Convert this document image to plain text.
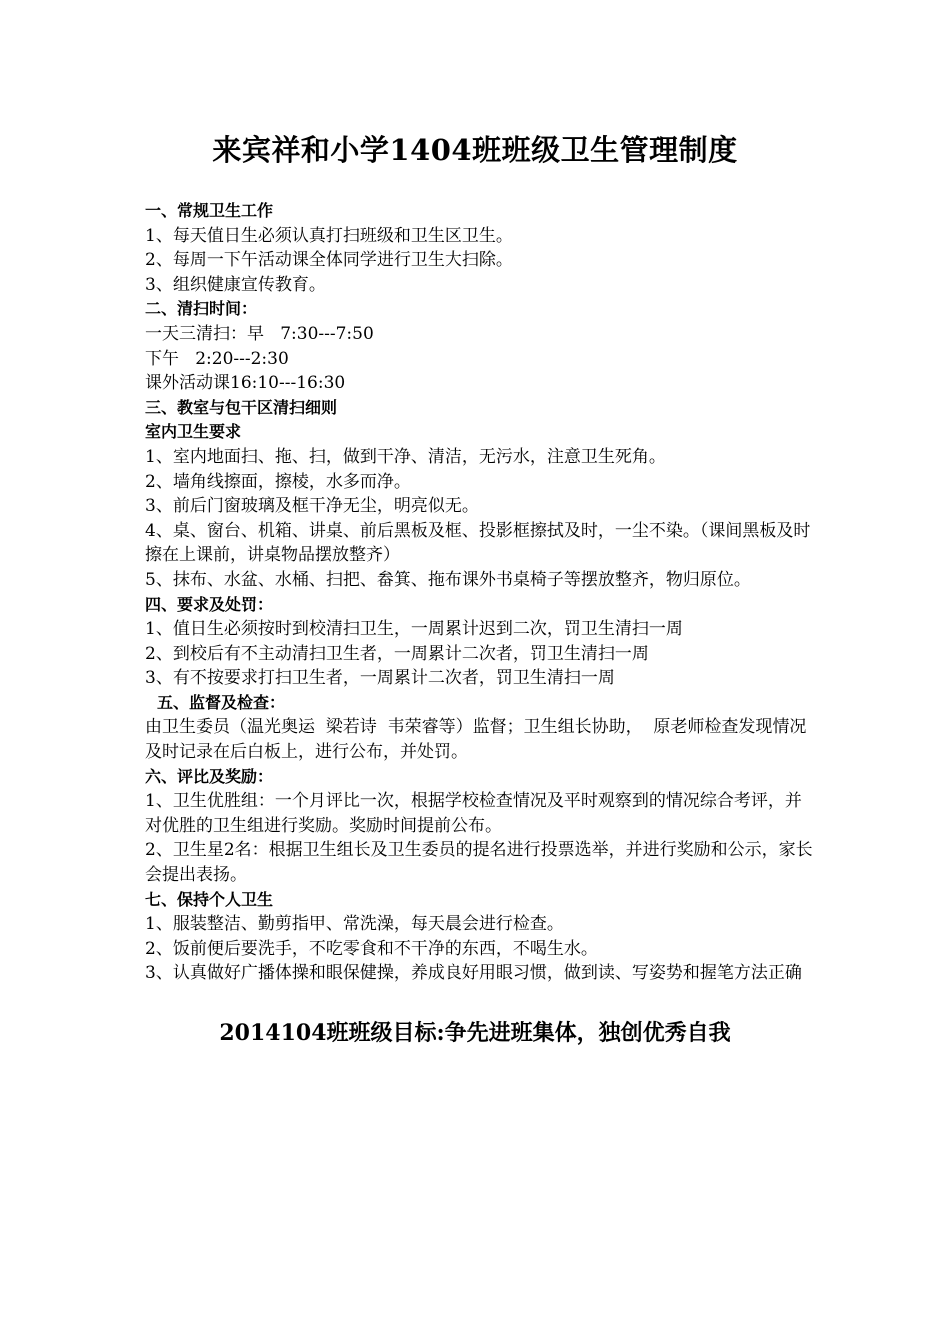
来宾祥和小学1404班班级卫生管理制度

一、常规卫生工作

1、每天值日生必须认真打扫班级和卫生区卫生。

2、每周一下午活动课全体同学进行卫生大扫除。

3、组织健康宣传教育。

二、清扫时间：

一天三清扫：早   7:30---7:50

下午   2:20---2:30

课外活动课16:10---16:30

三、教室与包干区清扫细则

室内卫生要求

1、室内地面扫、拖、扫，做到干净、清洁，无污水，注意卫生死角。

2、墙角线擦面，擦棱，水多而净。

3、前后门窗玻璃及框干净无尘，明亮似无。

4、桌、窗台、机箱、讲桌、前后黑板及框、投影框擦拭及时，一尘不染。（课间黑板及时擦在上课前，讲桌物品摆放整齐）

5、抹布、水盆、水桶、扫把、畚箕、拖布课外书桌椅子等摆放整齐，物归原位。

四、要求及处罚：

1、值日生必须按时到校清扫卫生，一周累计迟到二次，罚卫生清扫一周

2、到校后有不主动清扫卫生者，一周累计二次者，罚卫生清扫一周

3、有不按要求打扫卫生者，一周累计二次者，罚卫生清扫一周

五、监督及检查：

由卫生委员（温光奥运  梁若诗  韦荣睿等）监督；卫生组长协助，  原老师检查发现情况及时记录在后白板上，进行公布，并处罚。

六、评比及奖励：

1、卫生优胜组：一个月评比一次，根据学校检查情况及平时观察到的情况综合考评，并对优胜的卫生组进行奖励。奖励时间提前公布。

2、卫生星2名：根据卫生组长及卫生委员的提名进行投票选举，并进行奖励和公示，家长会提出表扬。

七、保持个人卫生

1、服装整洁、勤剪指甲、常洗澡，每天晨会进行检查。

2、饭前便后要洗手，不吃零食和不干净的东西，不喝生水。

3、认真做好广播体操和眼保健操，养成良好用眼习惯，做到读、写姿势和握笔方法正确

2014104班班级目标:争先进班集体，独创优秀自我
